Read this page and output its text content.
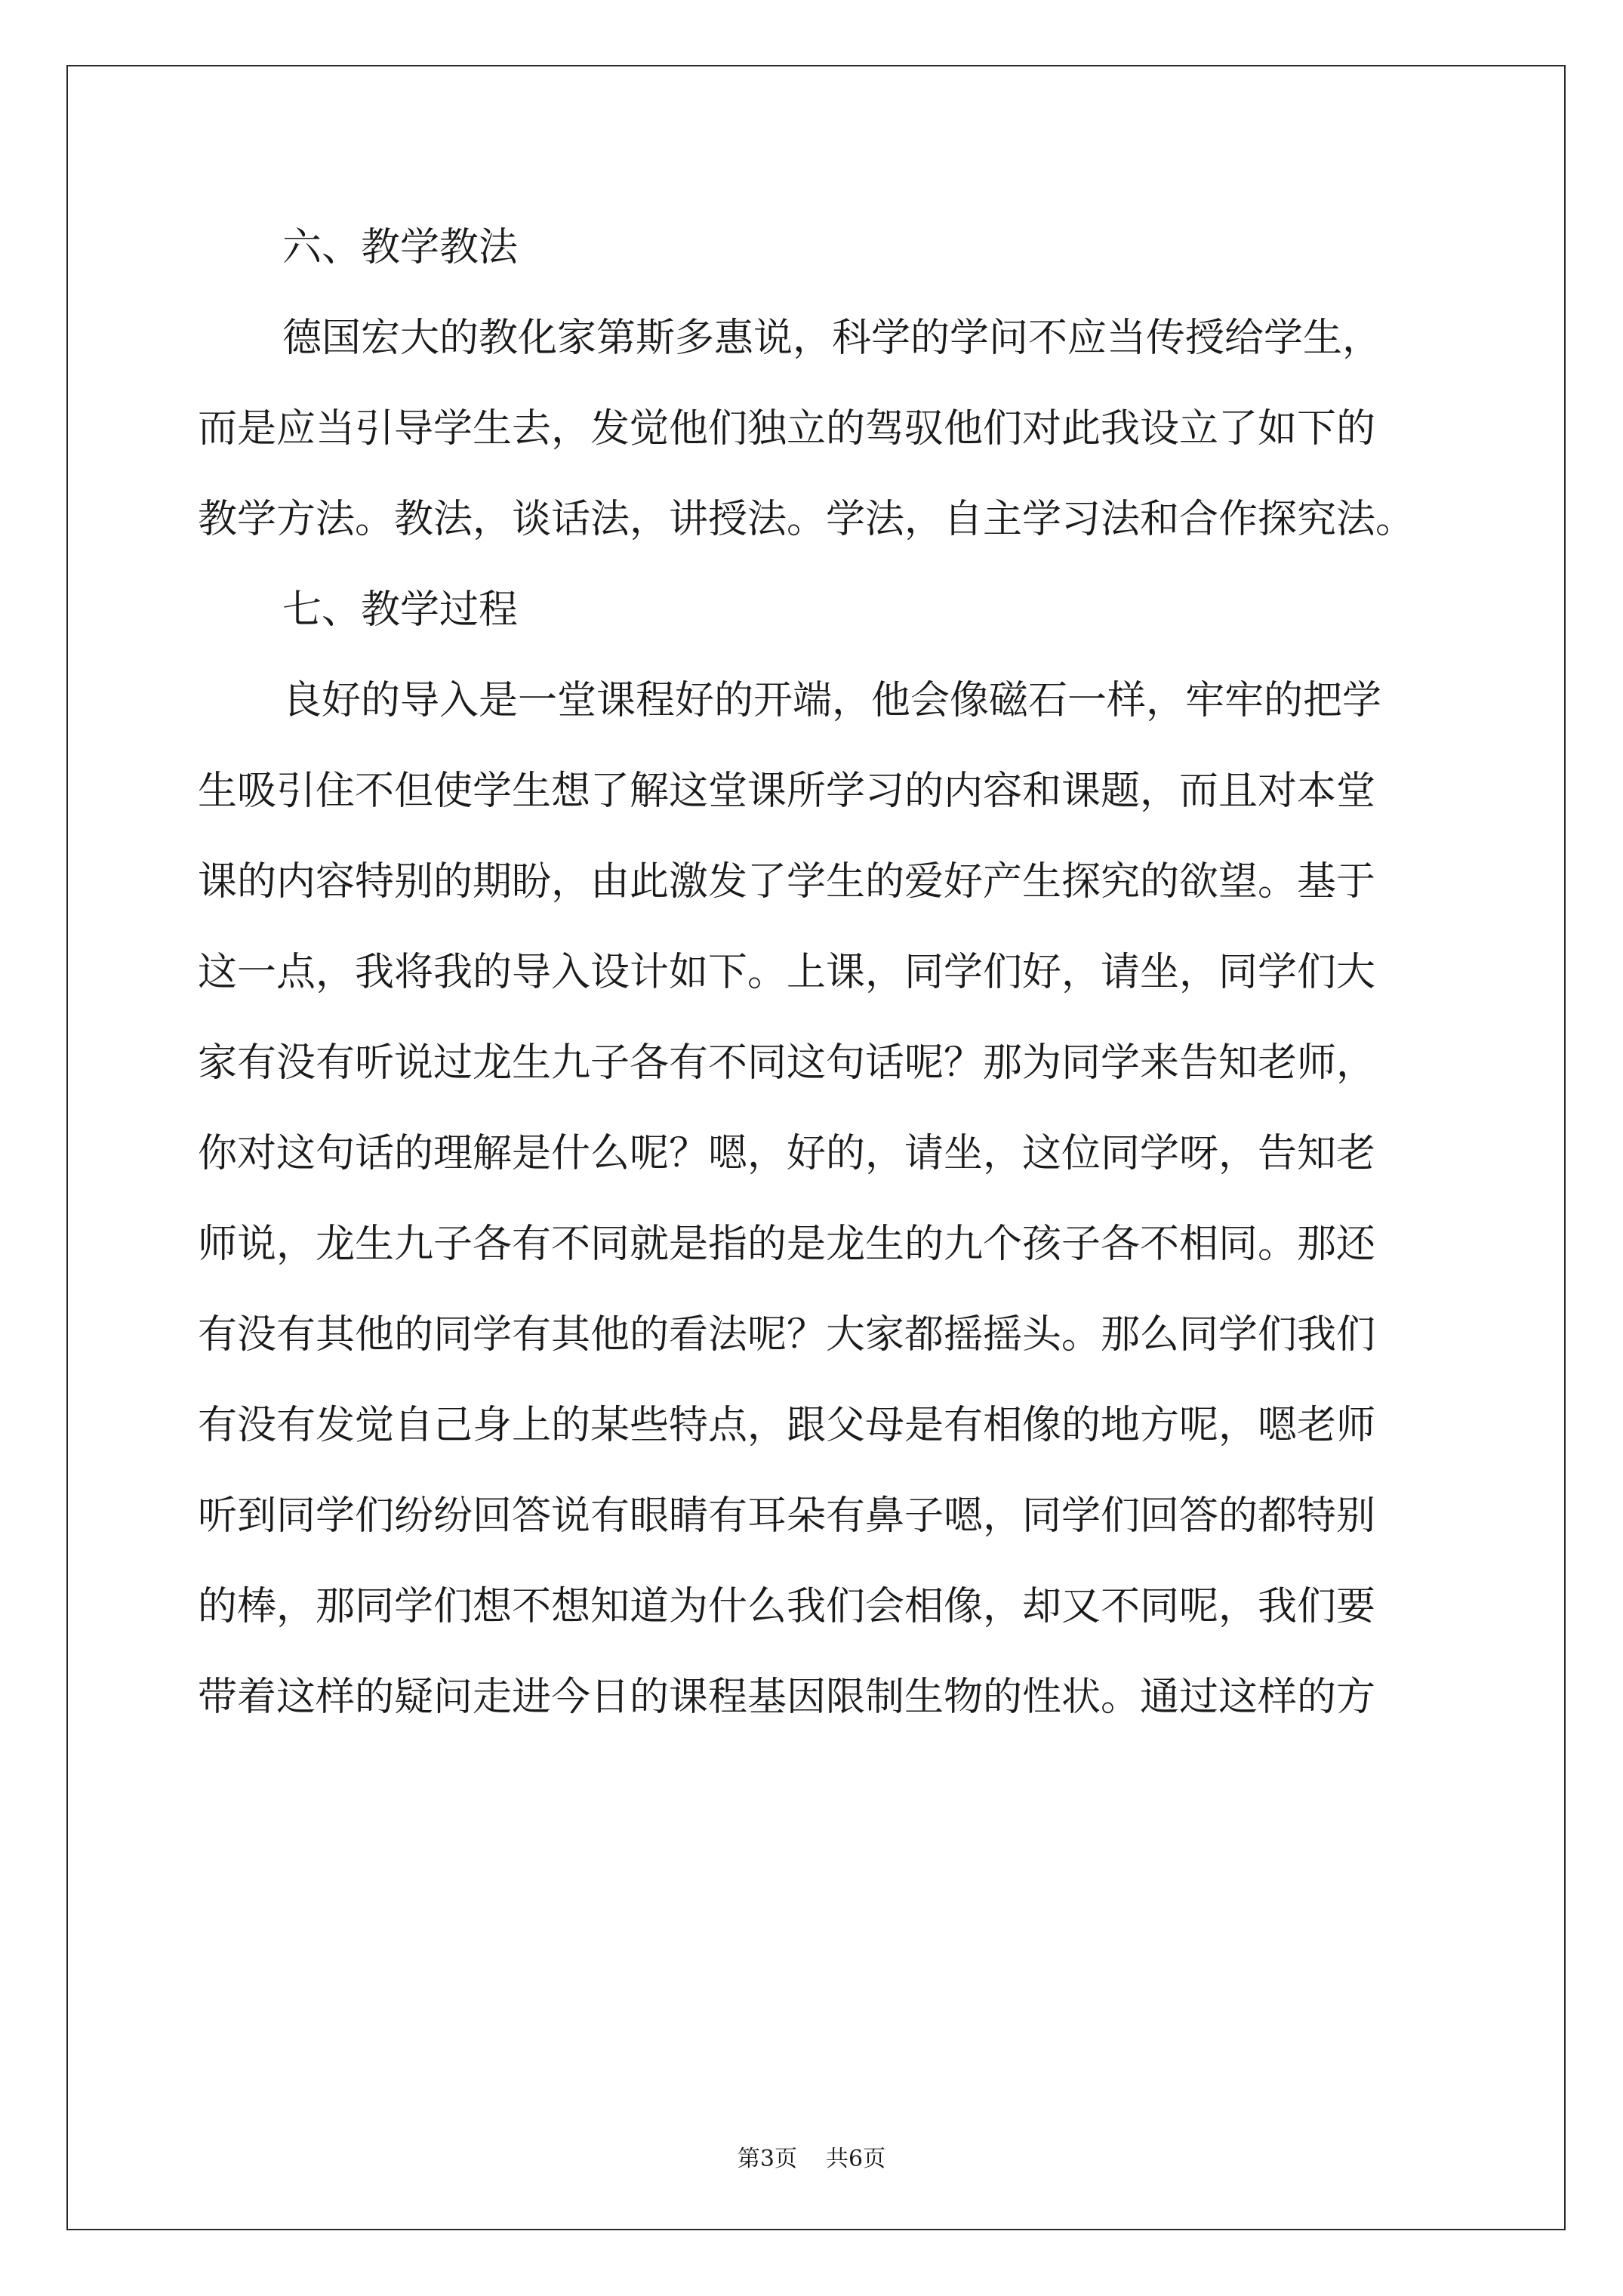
六、教学教法
德国宏大的教化家第斯多惠说，科学的学问不应当传授给学生，
而是应当引导学生去，发觉他们独立的驾驭他们对此我设立了如下的
教学方法。教法，谈话法，讲授法。学法，自主学习法和合作探究法。
七、教学过程
良好的导入是一堂课程好的开端，他会像磁石一样，牢牢的把学
生吸引住不但使学生想了解这堂课所学习的内容和课题，而且对本堂
课的内容特别的期盼，由此激发了学生的爱好产生探究的欲望。基于
这一点，我将我的导入设计如下。上课，同学们好，请坐，同学们大
家有没有听说过龙生九子各有不同这句话呢？那为同学来告知老师，
你对这句话的理解是什么呢？嗯，好的，请坐，这位同学呀，告知老
师说，龙生九子各有不同就是指的是龙生的九个孩子各不相同。那还
有没有其他的同学有其他的看法呢？大家都摇摇头。那么同学们我们
有没有发觉自己身上的某些特点，跟父母是有相像的地方呢，嗯老师
听到同学们纷纷回答说有眼睛有耳朵有鼻子嗯，同学们回答的都特别
的棒，那同学们想不想知道为什么我们会相像，却又不同呢，我们要
带着这样的疑问走进今日的课程基因限制生物的性状。通过这样的方
第3页 共6页
